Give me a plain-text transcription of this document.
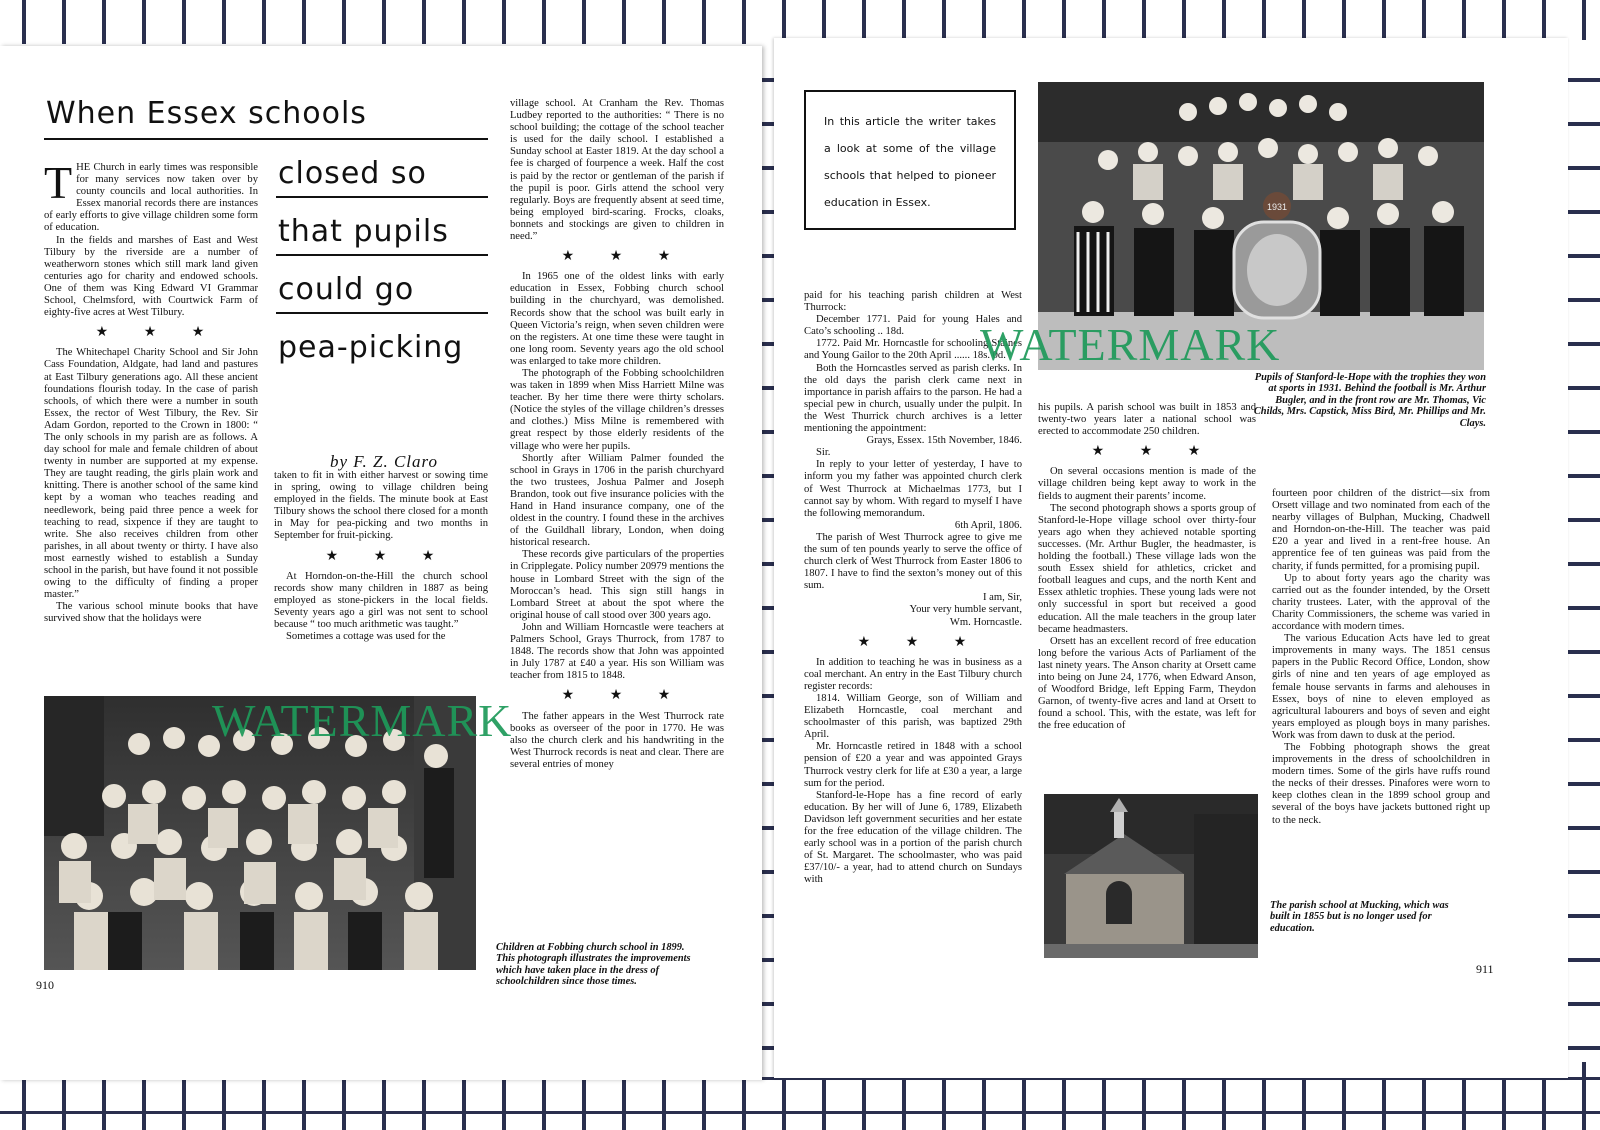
When Essex schools
closed so
that pupils
could go
pea-picking
by F. Z. Claro

THE Church in early times was responsible for many services now taken over by county councils and local authorities. In Essex manorial records there are instances of early efforts to give village children some form of education.

In the fields and marshes of East and West Tilbury by the riverside are a number of weatherworn stones which still mark land given centuries ago for charity and endowed schools. One of them was King Edward VI Grammar School, Chelmsford, with Courtwick Farm of eighty-five acres at West Tilbury.

★ ★ ★

The Whitechapel Charity School and Sir John Cass Foundation, Aldgate, had land and pastures at East Tilbury generations ago. All these ancient foundations flourish today. In the case of parish schools, of which there were a number in south Essex, the rector of West Tilbury, the Rev. Sir Adam Gordon, reported to the Crown in 1800: “ The only schools in my parish are as follows. A day school for male and female children of about twenty in number are supported at my expense. They are taught reading, the girls plain work and knitting. There is another school of the same kind kept by a woman who teaches reading and needlework, being paid three pence a week for teaching to read, sixpence if they are taught to write. She also receives children from other parishes, in all about twenty or thirty. I have also most earnestly wished to establish a Sunday school in the parish, but have found it not possible owing to the difficulty of finding a proper master.”

The various school minute books that have survived show that the holidays were

taken to fit in with either harvest or sowing time in spring, owing to village children being employed in the fields. The minute book at East Tilbury shows the school there closed for a month in May for pea-picking and two months in September for fruit-picking.

★ ★ ★

At Horndon-on-the-Hill the church school records show many children in 1887 as being employed as stone-pickers in the local fields. Seventy years ago a girl was not sent to school because “ too much arithmetic was taught.”

Sometimes a cottage was used for the

village school. At Cranham the Rev. Thomas Ludbey reported to the authorities: “ There is no school building; the cottage of the school teacher is used for the daily school. I established a Sunday school at Easter 1819. At the day school a fee is charged of fourpence a week. Half the cost is paid by the rector or gentleman of the parish if the pupil is poor. Girls attend the school very regularly. Boys are frequently absent at seed time, being employed bird-scaring. Frocks, cloaks, bonnets and stockings are given to children in need.”

★ ★ ★

In 1965 one of the oldest links with early education in Essex, Fobbing church school building in the churchyard, was demolished. Records show that the school was built early in Queen Victoria’s reign, when seven children were on the registers. At one time these were taught in one long room. Seventy years ago the old school was enlarged to take more children.

The photograph of the Fobbing schoolchildren was taken in 1899 when Miss Harriett Milne was teacher. By her time there were thirty scholars. (Notice the styles of the village children’s dresses and clothes.) Miss Milne is remembered with great respect by those elderly residents of the village who were her pupils.

Shortly after William Palmer founded the school in Grays in 1706 in the parish churchyard the two trustees, Joshua Palmer and Joseph Brandon, took out five insurance policies with the Hand in Hand insurance company, one of the oldest in the country. I found these in the archives of the Guildhall library, London, when doing historical research.

These records give particulars of the properties in Cripplegate. Policy number 20979 mentions the house in Lombard Street with the sign of the Moroccan’s head. This sign still hangs in Lombard Street at about the spot where the original house of call stood over 300 years ago.

John and William Horncastle were teachers at Palmers School, Grays Thurrock, from 1787 to 1848. The records show that John was appointed in July 1787 at £40 a year. His son William was teacher from 1815 to 1848.

★ ★ ★

The father appears in the West Thurrock rate books as overseer of the poor in 1770. He was also the church clerk and his handwriting in the West Thurrock records is neat and clear. There are several entries of money

Children at Fobbing church school in 1899. This photograph illustrates the improvements which have taken place in the dress of schoolchildren since those times.
910
In this article the writer takes a look at some of the village schools that helped to pioneer education in Essex.	1931
Pupils of Stanford-le-Hope with the trophies they won at sports in 1931. Behind the football is Mr. Arthur Bugler, and in the front row are Mr. Thomas, Vic Childs, Mrs. Capstick, Miss Bird, Mr. Phillips and Mr. Clays.

paid for his teaching parish children at West Thurrock:

December 1771. Paid for young Hales and Cato’s schooling .. 18d.

1772. Paid Mr. Horncastle for schooling Staines and Young Gailor to the 20th April ...... 18s. 0d.

Both the Horncastles served as parish clerks. In the old days the parish clerk came next in importance in parish affairs to the parson. He had a special pew in church, usually under the pulpit. In the West Thurrick church archives is a letter mentioning the appointment:

Grays, Essex. 15th November, 1846.

Sir.

In reply to your letter of yesterday, I have to inform you my father was appointed church clerk of West Thurrock at Michaelmas 1773, but I cannot say by whom. With regard to myself I have the following memorandum.

6th April, 1806.

The parish of West Thurrock agree to give me the sum of ten pounds yearly to serve the office of church clerk of West Thurrock from Easter 1806 to 1807. I have to find the sexton’s money out of this sum.

I am, Sir,

Your very humble servant,

Wm. Horncastle.

★ ★ ★

In addition to teaching he was in business as a coal merchant. An entry in the East Tilbury church register records:

1814. William George, son of William and Elizabeth Horncastle, coal merchant and schoolmaster of this parish, was baptized 29th April.

Mr. Horncastle retired in 1848 with a school pension of £20 a year and was appointed Grays Thurrock vestry clerk for life at £30 a year, a large sum for the period.

Stanford-le-Hope has a fine record of early education. By her will of June 6, 1789, Elizabeth Davidson left government securities and her estate for the free education of the village children. The early school was in a portion of the parish church of St. Margaret. The schoolmaster, who was paid £37/10/- a year, had to attend church on Sundays with

his pupils. A parish school was built in 1853 and twenty-two years later a national school was erected to accommodate 250 children.

★ ★ ★

On several occasions mention is made of the village children being kept away to work in the fields to augment their parents’ income.

The second photograph shows a sports group of Stanford-le-Hope village school over thirty-four years ago when they achieved notable sporting successes. (Mr. Arthur Bugler, the headmaster, is holding the football.) These village lads won the south Essex shield for athletics, cricket and football leagues and cups, and the north Kent and Essex athletic trophies. These young lads were not only successful in sport but received a good education. All the male teachers in the group later became headmasters.

Orsett has an excellent record of free education long before the various Acts of Parliament of the last ninety years. The Anson charity at Orsett came into being on June 24, 1776, when Edward Anson, of Woodford Bridge, left Epping Farm, Theydon Garnon, of twenty-five acres and land at Orsett to found a school. This, with the estate, was left for the free education of

fourteen poor children of the district—six from Orsett village and two nominated from each of the nearby villages of Bulphan, Mucking, Chadwell and Horndon-on-the-Hill. The teacher was paid £20 a year and lived in a rent-free house. An apprentice fee of ten guineas was paid from the charity, if funds permitted, for a promising pupil.

Up to about forty years ago the charity was carried out as the founder intended, by the Orsett charity trustees. Later, with the approval of the Charity Commissioners, the scheme was varied in accordance with modern times.

The various Education Acts have led to great improvements in many ways. The 1851 census papers in the Public Record Office, London, show girls of nine and ten years of age employed as female house servants in farms and alehouses in Essex, boys of nine to eleven employed as agricultural labourers and boys of seven and eight years employed as plough boys in many parishes. Work was from dawn to dusk at the period.

The Fobbing photograph shows the great improvements in the dress of schoolchildren in modern times. Some of the girls have ruffs round the necks of their dresses. Pinafores were worn to keep clothes clean in the 1899 school group and several of the boys have jackets buttoned right up to the neck.

The parish school at Mucking, which was built in 1855 but is no longer used for education.
911
WATERMARK
WATERMARK
